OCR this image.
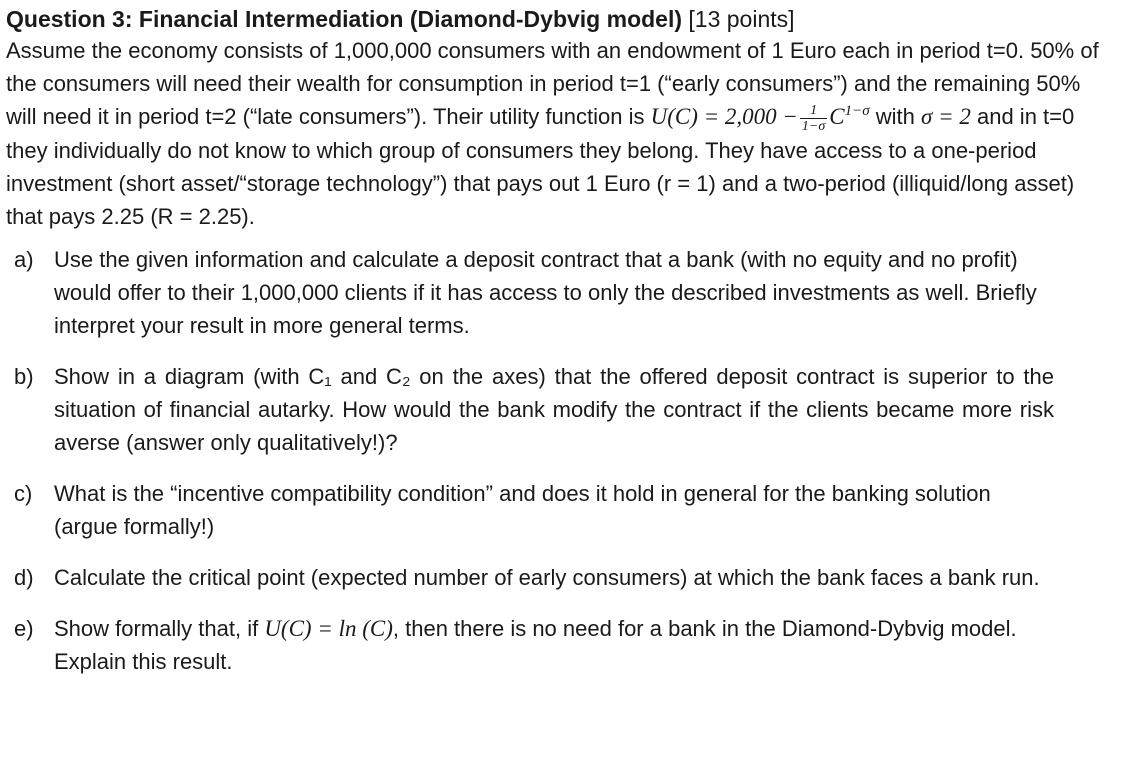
Question 3: Financial Intermediation (Diamond-Dybvig model) [13 points]

Assume the economy consists of 1,000,000 consumers with an endowment of 1 Euro each in period t=0. 50% of the consumers will need their wealth for consumption in period t=1 (“early consumers”) and the remaining 50% will need it in period t=2 (“late consumers”). Their utility function is $U(C) = 2,000 - \frac{1}{1-\sigma} C^{1-\sigma}$ with σ = 2 and in t=0 they individually do not know to which group of consumers they belong. They have access to a one-period investment (short asset/“storage technology”) that pays out 1 Euro (r = 1) and a two-period (illiquid/long asset) that pays 2.25 (R = 2.25).

a) Use the given information and calculate a deposit contract that a bank (with no equity and no profit) would offer to their 1,000,000 clients if it has access to only the described investments as well. Briefly interpret your result in more general terms.
b) Show in a diagram (with C₁ and C₂ on the axes) that the offered deposit contract is superior to the situation of financial autarky. How would the bank modify the contract if the clients became more risk averse (answer only qualitatively!)?
c) What is the “incentive compatibility condition” and does it hold in general for the banking solution (argue formally!)
d) Calculate the critical point (expected number of early consumers) at which the bank faces a bank run.
e) Show formally that, if U(C) = ln (C), then there is no need for a bank in the Diamond-Dybvig model. Explain this result.
